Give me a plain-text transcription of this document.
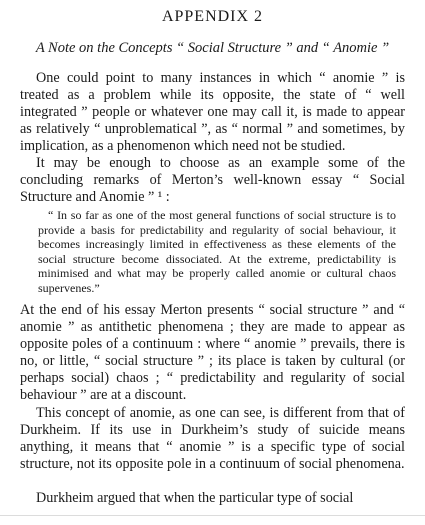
APPENDIX 2
A Note on the Concepts “ Social Structure ” and “ Anomie ”

One could point to many instances in which “ anomie ” is treated as a problem while its opposite, the state of “ well integrated ” people or whatever one may call it, is made to appear as relatively “ unproblematical ”, as “ normal ” and sometimes, by implication, as a phenomenon which need not be studied.

It may be enough to choose as an example some of the concluding remarks of Merton’s well-known essay “ Social Structure and Anomie ” ¹ :

“ In so far as one of the most general functions of social structure is to provide a basis for predictability and regularity of social behaviour, it becomes increasingly limited in effectiveness as these elements of the social structure become dissociated. At the extreme, predictability is minimised and what may be properly called anomie or cultural chaos supervenes.”

At the end of his essay Merton presents “ social structure ” and “ anomie ” as antithetic phenomena ; they are made to appear as opposite poles of a continuum : where “ anomie ” prevails, there is no, or little, “ social structure ” ; its place is taken by cultural (or perhaps social) chaos ; “ predictability and regularity of social behaviour ” are at a discount.

This concept of anomie, as one can see, is different from that of Durkheim. If its use in Durkheim’s study of suicide means anything, it means that “ anomie ” is a specific type of social structure, not its opposite pole in a continuum of social phenomena.

Durkheim argued that when the particular type of social
